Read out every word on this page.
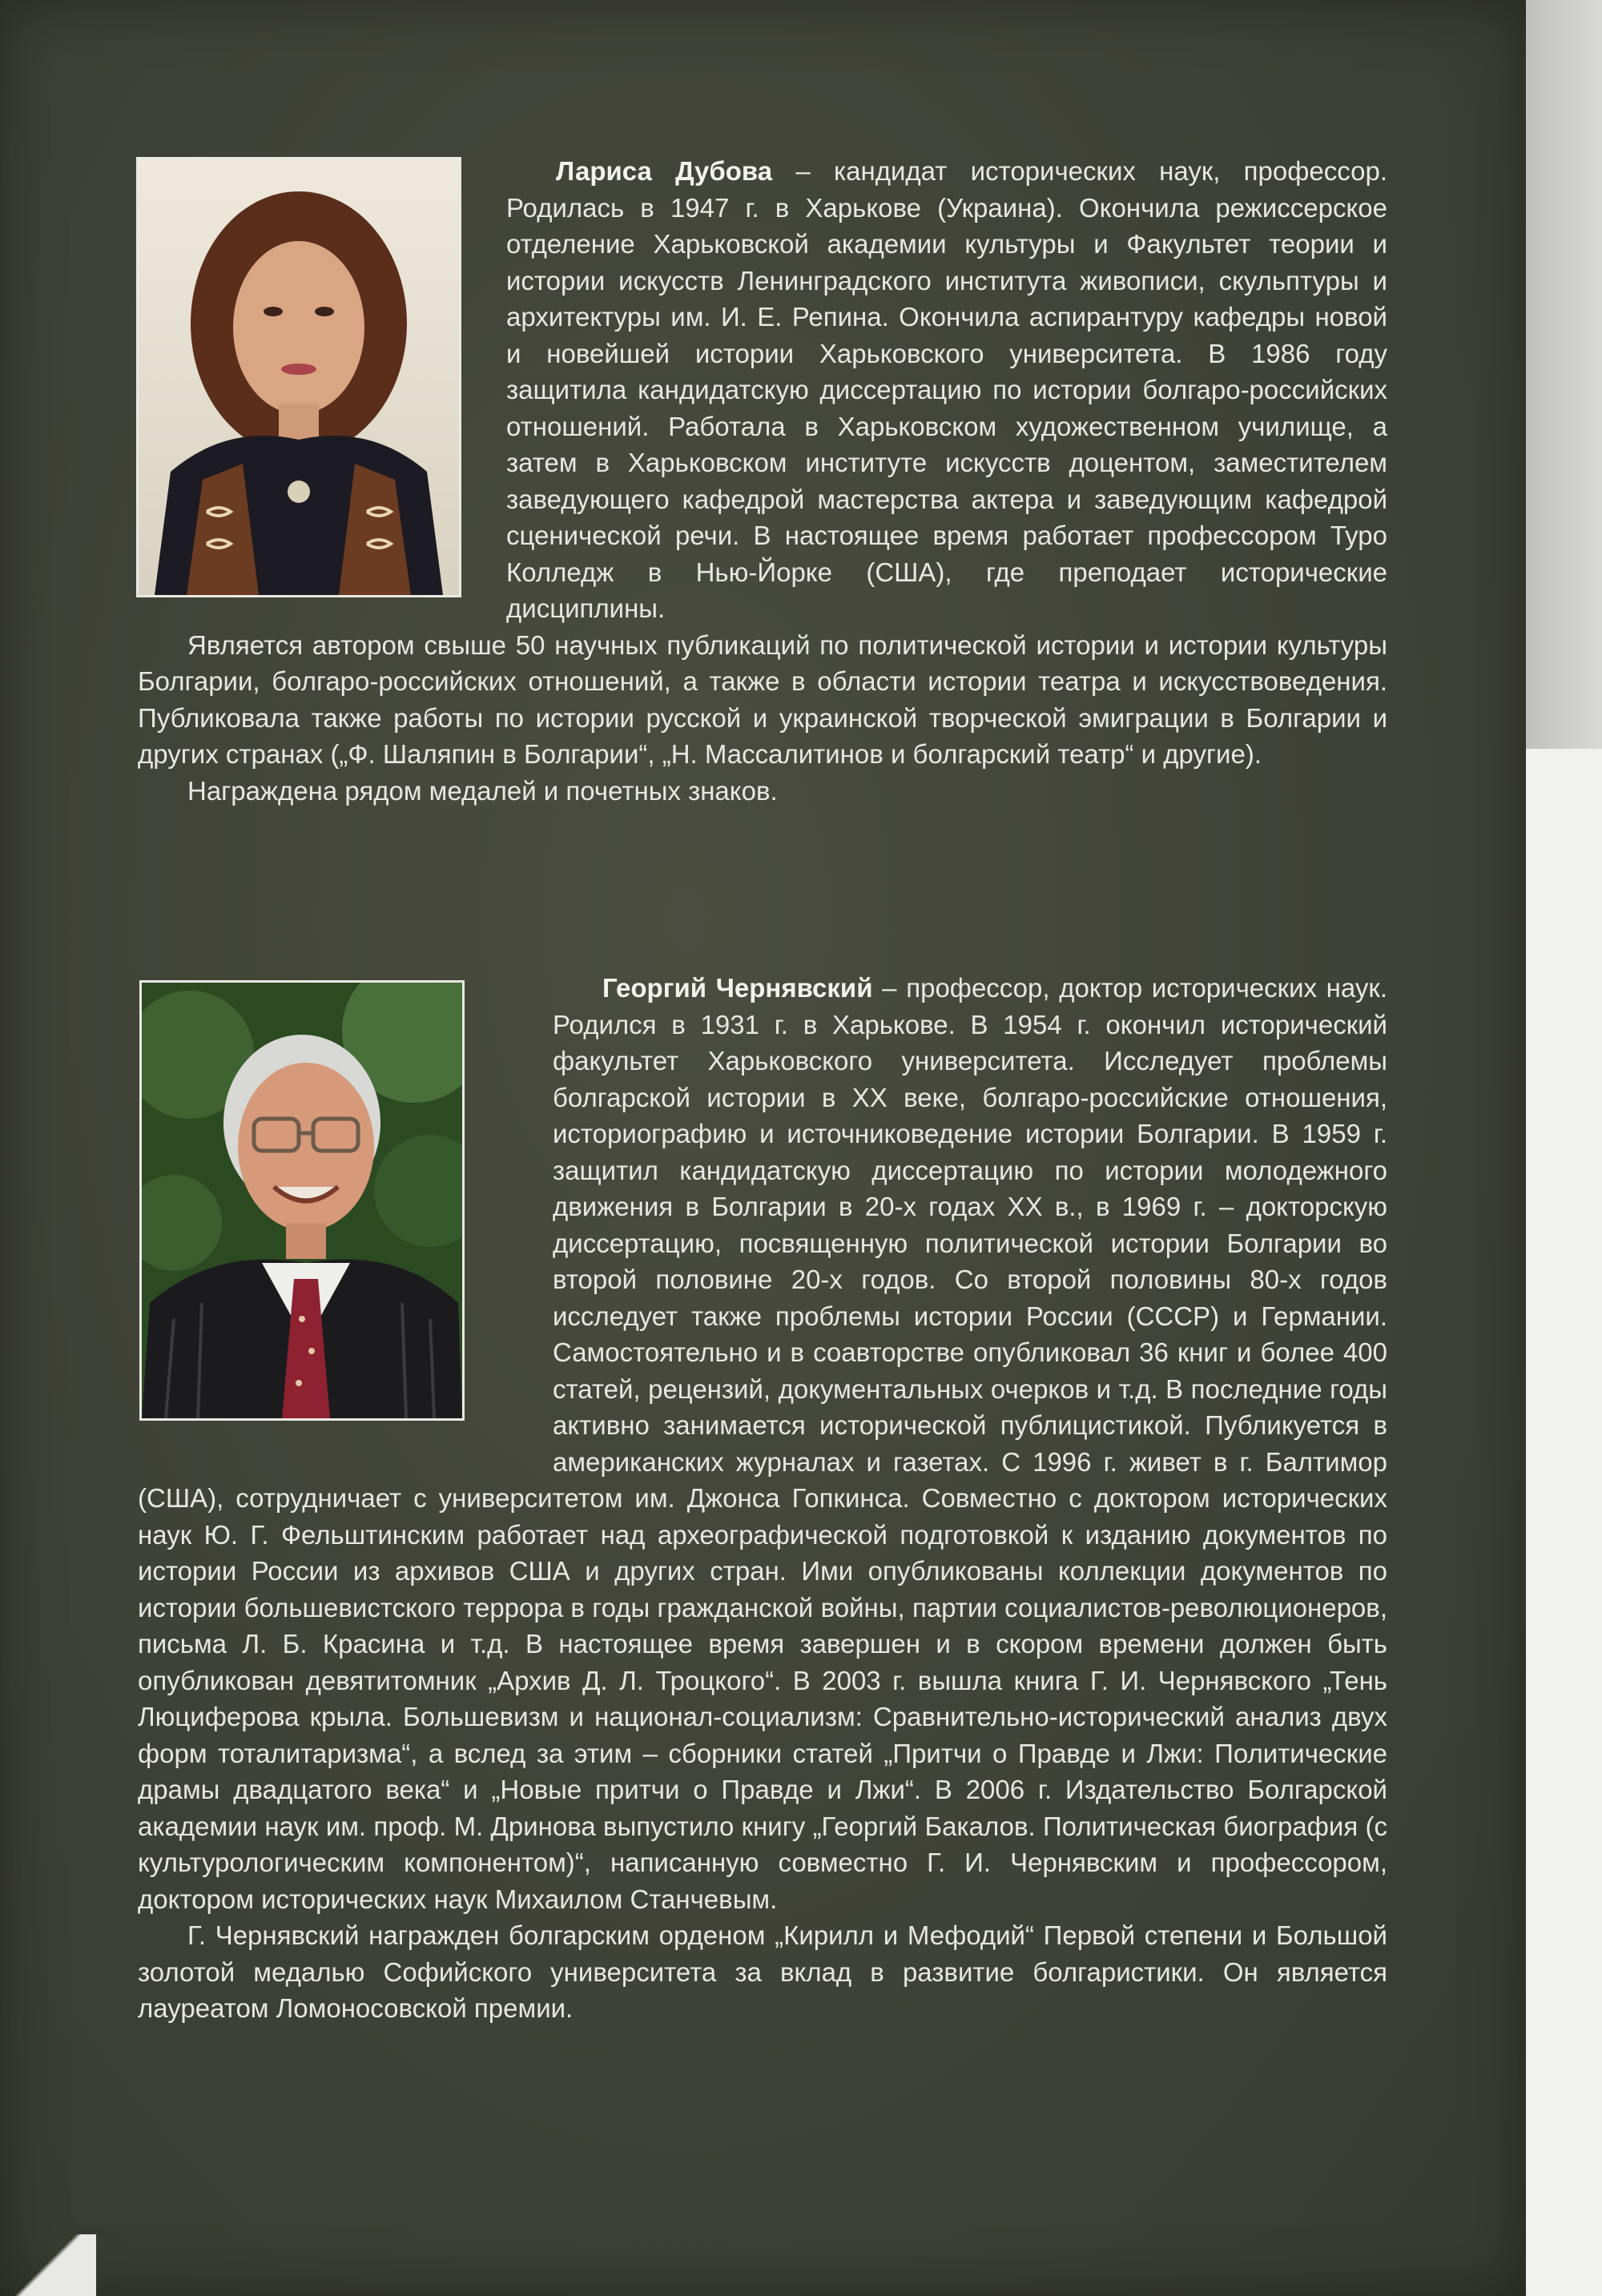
Лариса Дубова – кандидат исторических наук, профессор. Родилась в 1947 г. в Харькове (Украина). Окончила режиссерское отделение Харьковской академии культуры и Факультет теории и истории искусств Ленинградского института живописи, скульптуры и архитектуры им. И. Е. Репина. Окончила аспирантуру кафедры новой и новейшей истории Харьковского университета. В 1986 году защитила кандидатскую диссертацию по истории болгаро-российских отношений. Работала в Харьковском художественном училище, а затем в Харьковском институте искусств доцентом, заместителем заведующего кафедрой мастерства актера и заведующим кафедрой сценической речи. В настоящее время работает профессором Туро Колледж в Нью-Йорке (США), где преподает исторические дисциплины.

Является автором свыше 50 научных публикаций по политической истории и истории культуры Болгарии, болгаро-российских отношений, а также в области истории театра и искусствоведения. Публиковала также работы по истории русской и украинской творческой эмиграции в Болгарии и других странах („Ф. Шаляпин в Болгарии“, „Н. Массалитинов и болгарский театр“ и другие).

Награждена рядом медалей и почетных знаков.

Георгий Чернявский – профессор, доктор исторических наук. Родился в 1931 г. в Харькове. В 1954 г. окончил исторический факультет Харьковского университета. Исследует проблемы болгарской истории в XX веке, болгаро-российские отношения, историографию и источниковедение истории Болгарии. В 1959 г. защитил кандидатскую диссертацию по истории молодежного движения в Болгарии в 20-х годах XX в., в 1969 г. – докторскую диссертацию, посвященную политической истории Болгарии во второй половине 20-х годов. Со второй половины 80-х годов исследует также проблемы истории России (СССР) и Германии. Самостоятельно и в соавторстве опубликовал 36 книг и более 400 статей, рецензий, документальных очерков и т.д. В последние годы активно занимается исторической публицистикой. Публикуется в американских журналах и газетах. С 1996 г. живет в г. Балтимор (США), сотрудничает с университетом им. Джонса Гопкинса. Совместно с доктором исторических наук Ю. Г. Фельштинским работает над археографической подготовкой к изданию документов по истории России из архивов США и других стран. Ими опубликованы коллекции документов по истории большевистского террора в годы гражданской войны, партии социалистов-революционеров, письма Л. Б. Красина и т.д. В настоящее время завершен и в скором времени должен быть опубликован девятитомник „Архив Д. Л. Троцкого“. В 2003 г. вышла книга Г. И. Чернявского „Тень Люциферова крыла. Большевизм и национал-социализм: Сравнительно-исторический анализ двух форм тоталитаризма“, а вслед за этим – сборники статей „Притчи о Правде и Лжи: Политические драмы двадцатого века“ и „Новые притчи о Правде и Лжи“. В 2006 г. Издательство Болгарской академии наук им. проф. М. Дринова выпустило книгу „Георгий Бакалов. Политическая биография (с культурологическим компонентом)“, написанную совместно Г. И. Чернявским и профессором, доктором исторических наук Михаилом Станчевым.

Г. Чернявский награжден болгарским орденом „Кирилл и Мефодий“ Первой степени и Большой золотой медалью Софийского университета за вклад в развитие болгаристики. Он является лауреатом Ломоносовской премии.
